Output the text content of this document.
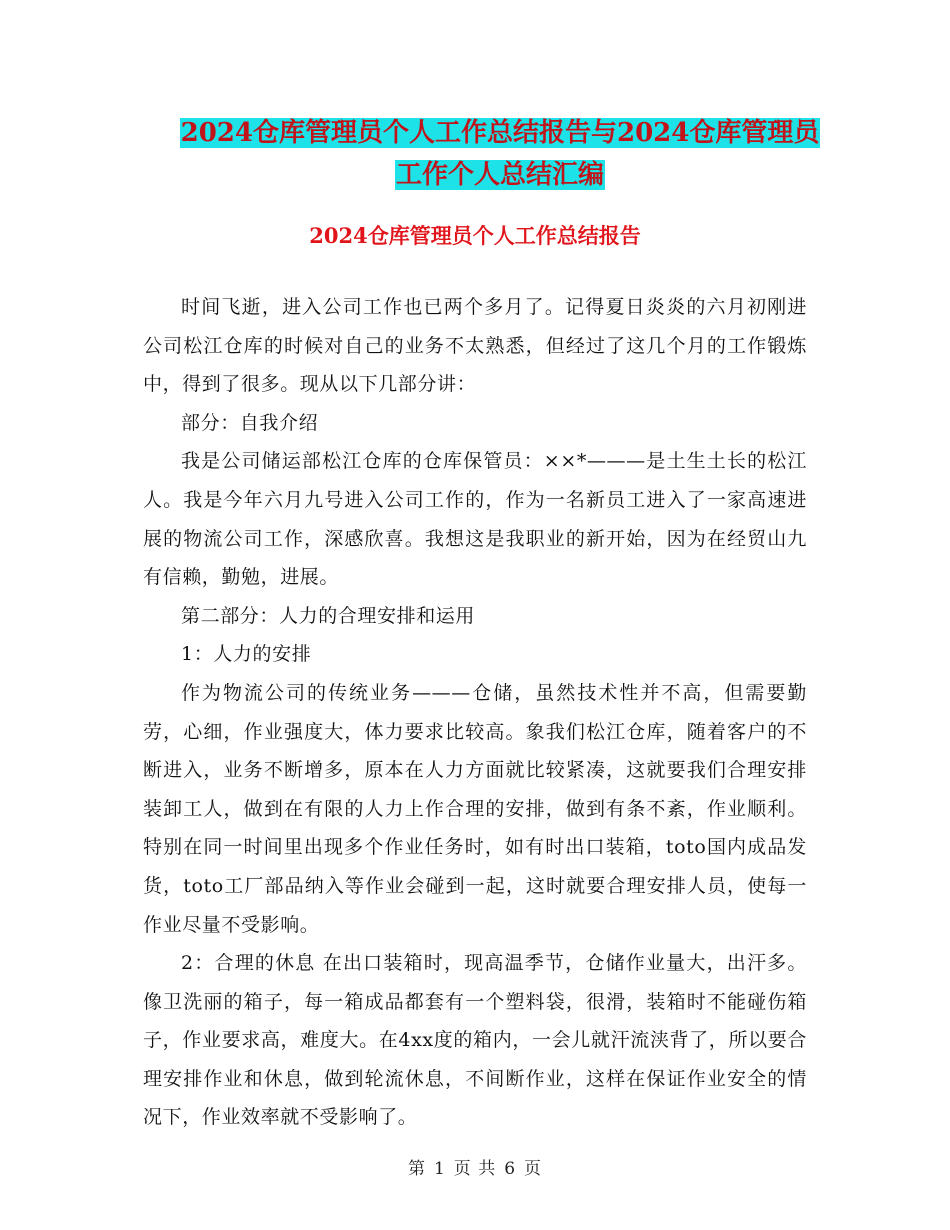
2024仓库管理员个人工作总结报告与2024仓库管理员
工作个人总结汇编
2024仓库管理员个人工作总结报告

时间飞逝，进入公司工作也已两个多月了。记得夏日炎炎的六月初刚进公司松江仓库的时候对自己的业务不太熟悉，但经过了这几个月的工作锻炼中，得到了很多。现从以下几部分讲：

部分：自我介绍

我是公司储运部松江仓库的仓库保管员：××*———是土生土长的松江人。我是今年六月九号进入公司工作的，作为一名新员工进入了一家高速进展的物流公司工作，深感欣喜。我想这是我职业的新开始，因为在经贸山九有信赖，勤勉，进展。

第二部分：人力的合理安排和运用

1：人力的安排

作为物流公司的传统业务———仓储，虽然技术性并不高，但需要勤劳，心细，作业强度大，体力要求比较高。象我们松江仓库，随着客户的不断进入，业务不断增多，原本在人力方面就比较紧凑，这就要我们合理安排装卸工人，做到在有限的人力上作合理的安排，做到有条不紊，作业顺利。特别在同一时间里出现多个作业任务时，如有时出口装箱，toto国内成品发货，toto工厂部品纳入等作业会碰到一起，这时就要合理安排人员，使每一作业尽量不受影响。

2：合理的休息 在出口装箱时，现高温季节，仓储作业量大，出汗多。像卫洗丽的箱子，每一箱成品都套有一个塑料袋，很滑，装箱时不能碰伤箱子，作业要求高，难度大。在4xx度的箱内，一会儿就汗流浃背了，所以要合理安排作业和休息，做到轮流休息，不间断作业，这样在保证作业安全的情况下，作业效率就不受影响了。

第 1 页 共 6 页
